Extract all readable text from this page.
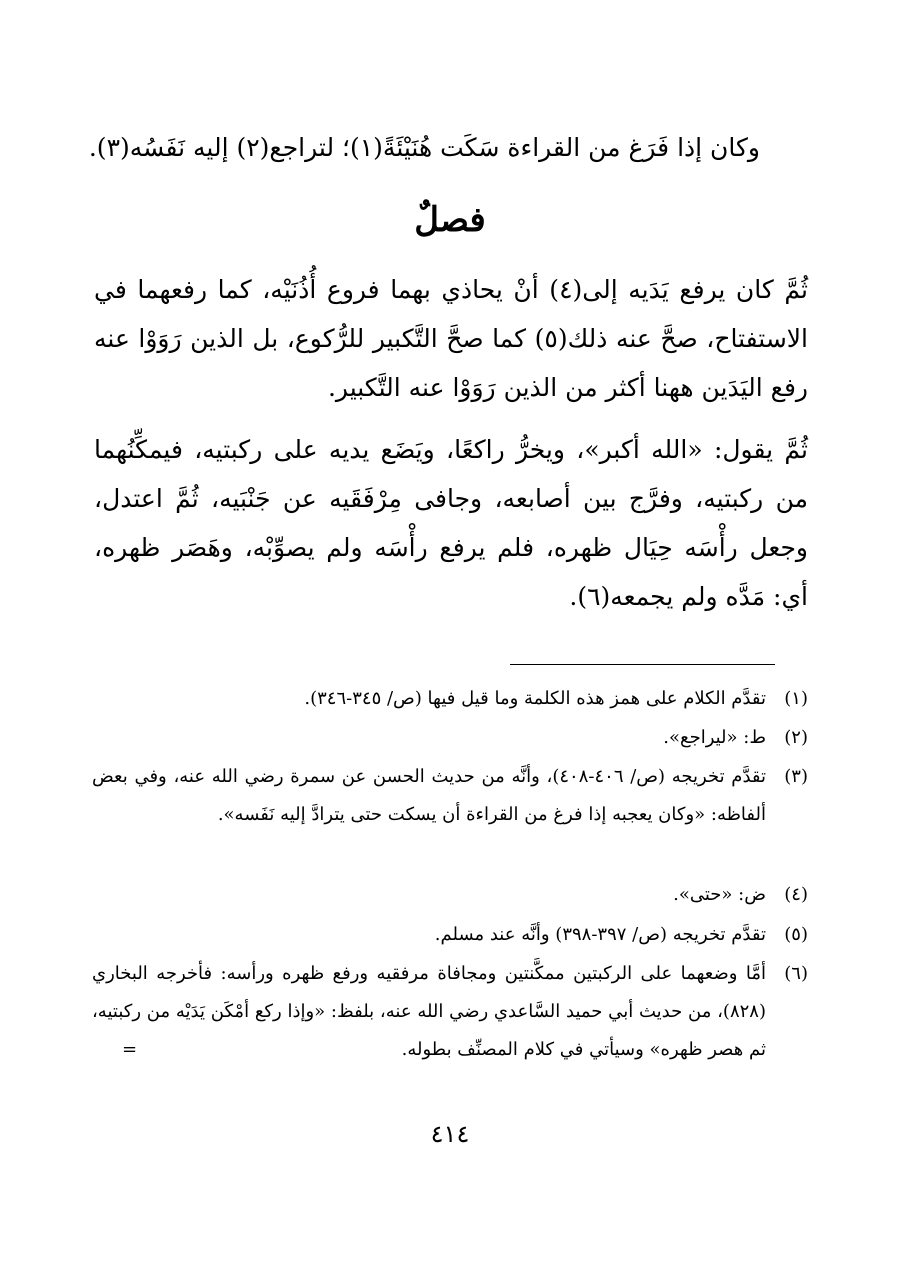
وكان إذا فَرَغ من القراءة سَكَت هُنَيْئَةً(١)؛ لتراجع(٢) إليه نَفَسُه(٣).
فصلٌ
ثُمَّ كان يرفع يَدَيه إلى(٤) أنْ يحاذي بهما فروع أُذُنَيْه، كما رفعهما في الاستفتاح، صحَّ عنه ذلك(٥) كما صحَّ التَّكبير للرُّكوع، بل الذين رَوَوْا عنه رفع اليَدَين ههنا أكثر من الذين رَوَوْا عنه التَّكبير.
ثُمَّ يقول: «الله أكبر»، ويخرُّ راكعًا، ويَضَع يديه على ركبتيه، فيمكِّنُهما من ركبتيه، وفرَّج بين أصابعه، وجافى مِرْفَقَيه عن جَنْبَيه، ثُمَّ اعتدل، وجعل رأْسَه حِيَال ظهره، فلم يرفع رأْسَه ولم يصوِّبْه، وهَصَر ظهره، أي: مَدَّه ولم يجمعه(٦).
(١)
تقدَّم الكلام على همز هذه الكلمة وما قيل فيها (ص/ ٣٤٥-٣٤٦).
(٢)
ط: «ليراجع».
(٣)
تقدَّم تخريجه (ص/ ٤٠٦-٤٠٨)، وأنَّه من حديث الحسن عن سمرة رضي الله عنه، وفي بعض ألفاظه: «وكان يعجبه إذا فرغ من القراءة أن يسكت حتى يترادَّ إليه نَفَسه».
(٤)
ض: «حتى».
(٥)
تقدَّم تخريجه (ص/ ٣٩٧-٣٩٨) وأنَّه عند مسلم.
(٦)
أمَّا وضعهما على الركبتين ممكَّنتين ومجافاة مرفقيه ورفع ظهره ورأسه: فأخرجه البخاري (٨٢٨)، من حديث أبي حميد السَّاعدي رضي الله عنه، بلفظ: «وإذا ركع أمْكَن يَدَيْه من ركبتيه، ثم هصر ظهره» وسيأتي في كلام المصنِّف بطوله.
=
٤١٤
